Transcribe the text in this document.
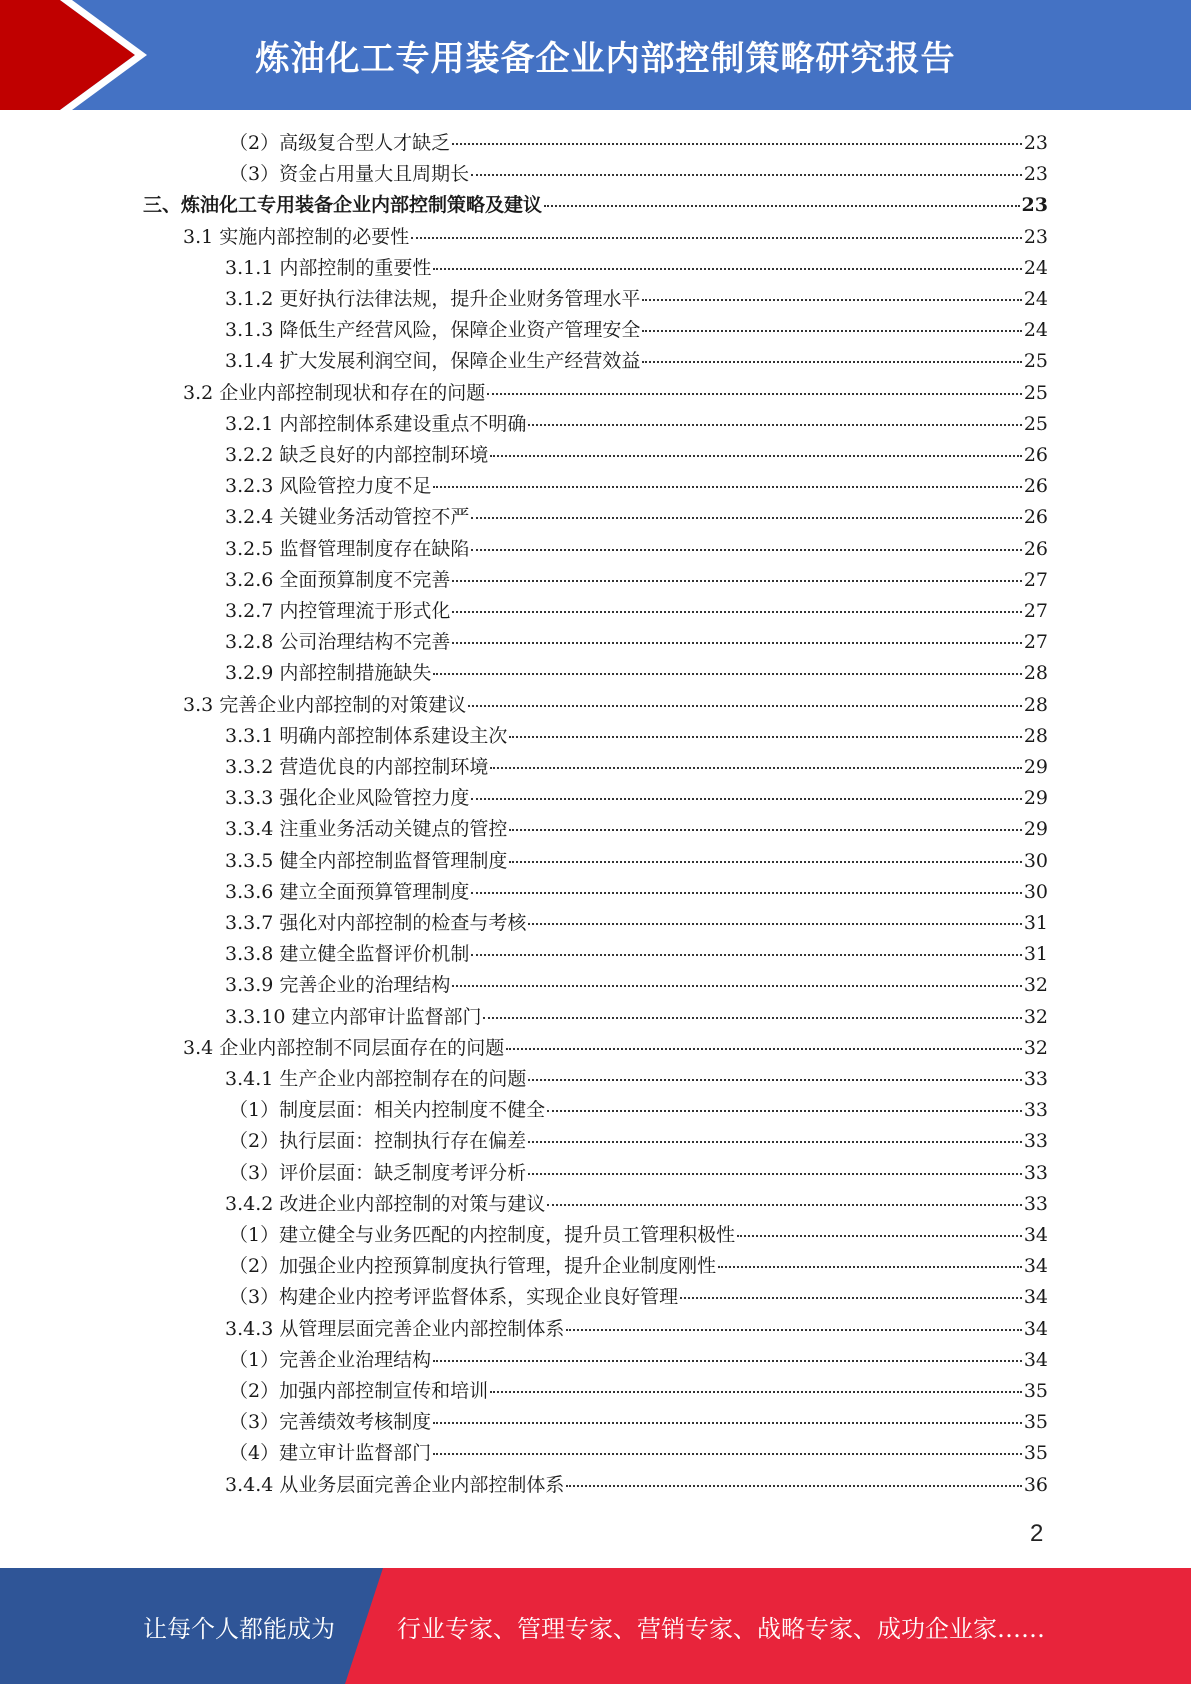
炼油化工专用装备企业内部控制策略研究报告
（2）高级复合型人才缺乏	23
（3）资金占用量大且周期长	23
三、炼油化工专用装备企业内部控制策略及建议	23
3.1 实施内部控制的必要性	23
3.1.1 内部控制的重要性	24
3.1.2 更好执行法律法规，提升企业财务管理水平	24
3.1.3 降低生产经营风险，保障企业资产管理安全	24
3.1.4 扩大发展利润空间，保障企业生产经营效益	25
3.2 企业内部控制现状和存在的问题	25
3.2.1 内部控制体系建设重点不明确	25
3.2.2 缺乏良好的内部控制环境	26
3.2.3 风险管控力度不足	26
3.2.4 关键业务活动管控不严	26
3.2.5 监督管理制度存在缺陷	26
3.2.6 全面预算制度不完善	27
3.2.7 内控管理流于形式化	27
3.2.8 公司治理结构不完善	27
3.2.9 内部控制措施缺失	28
3.3 完善企业内部控制的对策建议	28
3.3.1 明确内部控制体系建设主次	28
3.3.2 营造优良的内部控制环境	29
3.3.3 强化企业风险管控力度	29
3.3.4 注重业务活动关键点的管控	29
3.3.5 健全内部控制监督管理制度	30
3.3.6 建立全面预算管理制度	30
3.3.7 强化对内部控制的检查与考核	31
3.3.8 建立健全监督评价机制	31
3.3.9 完善企业的治理结构	32
3.3.10 建立内部审计监督部门	32
3.4 企业内部控制不同层面存在的问题	32
3.4.1 生产企业内部控制存在的问题	33
（1）制度层面：相关内控制度不健全	33
（2）执行层面：控制执行存在偏差	33
（3）评价层面：缺乏制度考评分析	33
3.4.2 改进企业内部控制的对策与建议	33
（1）建立健全与业务匹配的内控制度，提升员工管理积极性	34
（2）加强企业内控预算制度执行管理，提升企业制度刚性	34
（3）构建企业内控考评监督体系，实现企业良好管理	34
3.4.3 从管理层面完善企业内部控制体系	34
（1）完善企业治理结构	34
（2）加强内部控制宣传和培训	35
（3）完善绩效考核制度	35
（4）建立审计监督部门	35
3.4.4 从业务层面完善企业内部控制体系	36
2
让每个人都能成为	行业专家、管理专家、营销专家、战略专家、成功企业家……
